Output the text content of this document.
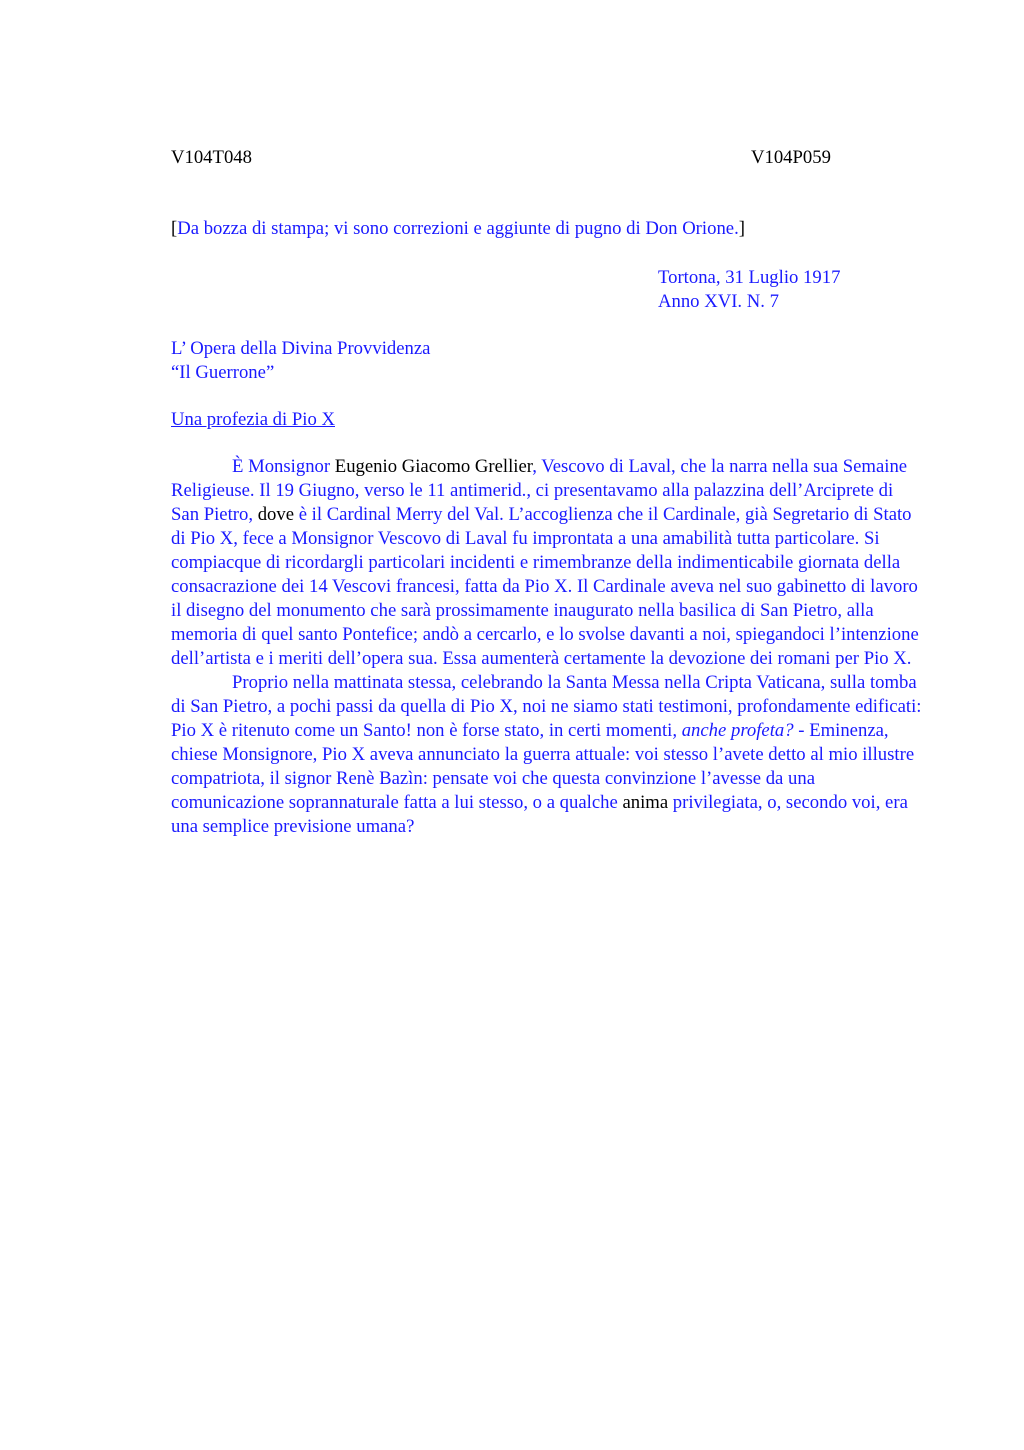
V104T048	V104P059
[Da bozza di stampa; vi sono correzioni e aggiunte di pugno di Don Orione.]
Tortona, 31 Luglio 1917
Anno XVI. N. 7
L’ Opera della Divina Provvidenza
“Il Guerrone”
Una profezia di Pio X

È Monsignor Eugenio Giacomo Grellier, Vescovo di Laval, che la narra nella sua Semaine Religieuse. Il 19 Giugno, verso le 11 antimerid., ci presentavamo alla palazzina dell’Arciprete di San Pietro, dove è il Cardinal Merry del Val. L’accoglienza che il Cardinale, già Segretario di Stato di Pio X, fece a Monsignor Vescovo di Laval fu improntata a una amabilità tutta particolare. Si compiacque di ricordargli particolari incidenti e rimembranze della indimenticabile giornata della consacrazione dei 14 Vescovi francesi, fatta da Pio X. Il Cardinale aveva nel suo gabinetto di lavoro il disegno del monumento che sarà prossimamente inaugurato nella basilica di San Pietro, alla memoria di quel santo Pontefice; andò a cercarlo, e lo svolse davanti a noi, spiegandoci l’intenzione dell’artista e i meriti dell’opera sua. Essa aumenterà certamente la devozione dei romani per Pio X.

Proprio nella mattinata stessa, celebrando la Santa Messa nella Cripta Vaticana, sulla tomba di San Pietro, a pochi passi da quella di Pio X, noi ne siamo stati testimoni, profondamente edificati: Pio X è ritenuto come un Santo! non è forse stato, in certi momenti, anche profeta? - Eminenza, chiese Monsignore, Pio X aveva annunciato la guerra attuale: voi stesso l’avete detto al mio illustre compatriota, il signor Renè Bazìn: pensate voi che questa convinzione l’avesse da una comunicazione soprannaturale fatta a lui stesso, o a qualche anima privilegiata, o, secondo voi, era una semplice previsione umana?
